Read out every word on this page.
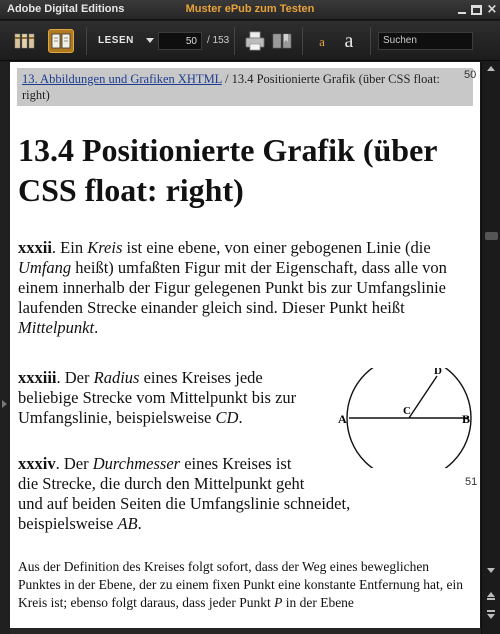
Adobe Digital Editions	Muster ePub zum Testen	×
LESEN
50	/ 153	a a	Suchen
13. Abbildungen und Grafiken XHTML / 13.4 Positionierte Grafik (über CSS float: right)
50
13.4 Positionierte Grafik (über CSS float: right)

xxxii. Ein Kreis ist eine ebene, von einer gebogenen Linie (die Umfang heißt) umfaßten Figur mit der Eigenschaft, dass alle von einem innerhalb der Figur gelegenen Punkt bis zur Umfangslinie laufenden Strecke einander gleich sind. Dieser Punkt heißt Mittelpunkt.

xxxiii. Der Radius eines Kreises jede beliebige Strecke vom Mittelpunkt bis zur Umfangslinie, beispielsweise CD.

xxxiv. Der Durchmesser eines Kreises ist
die Strecke, die durch den Mittelpunkt geht
und auf beiden Seiten die Umfangslinie schneidet,
beispielsweise AB.

A	B
C
D
51

Aus der Definition des Kreises folgt sofort, dass der Weg eines beweglichen Punktes in der Ebene, der zu einem fixen Punkt eine konstante Entfernung hat, ein Kreis ist; ebenso folgt daraus, dass jeder Punkt P in der Ebene
